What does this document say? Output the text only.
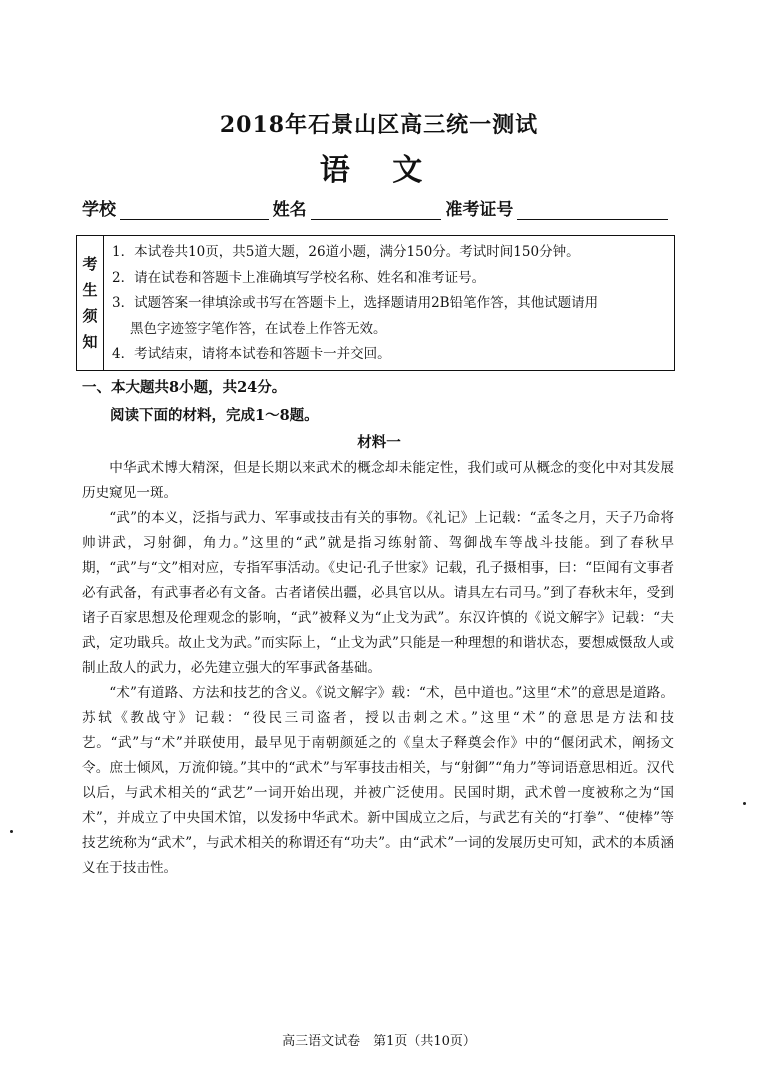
2018年石景山区高三统一测试
语 文
学校	姓名	准考证号
考
生
须
知
1．本试卷共10页，共5道大题，26道小题，满分150分。考试时间150分钟。
2．请在试卷和答题卡上准确填写学校名称、姓名和准考证号。
3．试题答案一律填涂或书写在答题卡上，选择题请用2B铅笔作答，其他试题请用
黑色字迹签字笔作答，在试卷上作答无效。
4．考试结束，请将本试卷和答题卡一并交回。
一、本大题共8小题，共24分。
阅读下面的材料，完成1～8题。
材料一

中华武术博大精深，但是长期以来武术的概念却未能定性，我们或可从概念的变化中对其发展历史窥见一斑。

“武”的本义，泛指与武力、军事或技击有关的事物。《礼记》上记载：“孟冬之月，天子乃命将帅讲武，习射御，角力。”这里的“武”就是指习练射箭、驾御战车等战斗技能。到了春秋早期，“武”与“文”相对应，专指军事活动。《史记·孔子世家》记载，孔子摄相事，曰：“臣闻有文事者必有武备，有武事者必有文备。古者诸侯出疆，必具官以从。请具左右司马。”到了春秋末年，受到诸子百家思想及伦理观念的影响，“武”被释义为“止戈为武”。东汉许慎的《说文解字》记载：“夫武，定功戢兵。故止戈为武。”而实际上，“止戈为武”只能是一种理想的和谐状态，要想威慑敌人或制止敌人的武力，必先建立强大的军事武备基础。

“术”有道路、方法和技艺的含义。《说文解字》载：“术，邑中道也。”这里“术”的意思是道路。苏轼《教战守》记载：“役民三司盗者，授以击刺之术。”这里“术”的意思是方法和技艺。“武”与“术”并联使用，最早见于南朝颜延之的《皇太子释奠会作》中的“偃闭武术，阐扬文令。庶士倾风，万流仰镜。”其中的“武术”与军事技击相关，与“射御”“角力”等词语意思相近。汉代以后，与武术相关的“武艺”一词开始出现，并被广泛使用。民国时期，武术曾一度被称之为“国术”，并成立了中央国术馆，以发扬中华武术。新中国成立之后，与武艺有关的“打拳”、“使棒”等技艺统称为“武术”，与武术相关的称谓还有“功夫”。由“武术”一词的发展历史可知，武术的本质涵义在于技击性。

高三语文试卷　第1页（共10页）
